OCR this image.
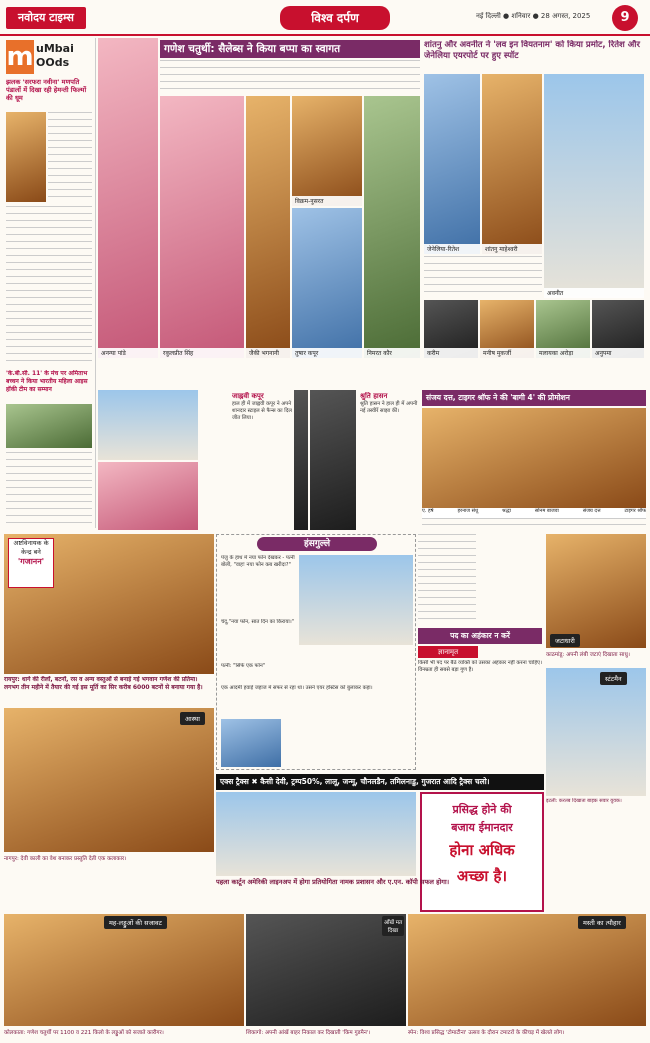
नवोदय टाइम्स	विश्व दर्पण	नई दिल्ली ● शनिवार ● 28 अगस्त, 2025	9
m uMbai OOds
झलक 'सरफरा नवीना' मणपति पंडालों में दिखा रही हेमन्ती फिल्मों की धूम
'के.बी.सी. 11' के मंच पर अमिताभ बच्चन ने किया भारतीय महिला आइस हॉकी टीम का सम्मान
गणेश चतुर्थी: सैलेब्स ने किया बप्पा का स्वागत
रकुलप्रीत सिंह	जैकी भगनानी
विक्रम-नुसरत
तुषार कपूर	निमरत कौर
अनन्या पांडे
शांतनु और अवनीत ने 'लव इन वियतनाम' को किया प्रमोट, रितेश और जेनेलिया एयरपोर्ट पर हुए स्पॉट
जेनेलिया-रितेश	शांतनु माहेश्वरी
अवनीत
करीम	मनीष मुकर्जी	मलायका अरोड़ा	अनुपमा
जाह्नवी कपूर
हाल ही में जाह्नवी कपूर ने अपने शानदार स्टाइल से फैन्स का दिल जीत लिया।
श्रुति हासन
श्रुति हासन ने हाल ही में अपनी नई तस्वीरें साझा कीं।
संजय दत्त, टाइगर श्रॉफ ने की 'बागी 4' की प्रोमोशन
ए. हर्ष	हरनाज संधू	श्रद्धा	सोनम बाजवा	संजय दत्त	टाइगर श्रॉफ
अष्टविनायक के केन्द्र बने
'गजानन'
रायपुर: धागे की रीलों, बटनों, रस व अन्य वस्तुओं से बनाई गई भगवान गणेश की प्रतिमा। लगभग तीन महीने में तैयार की गई इस मूर्ति का सिर करीब 6000 बटनों से बनाया गया है।
आस्था
नागपुर: देवी काली का वेश बनाकर प्रस्तुति देती एक कलाकार।
हंसगुल्ले
पंजु के हाथ में नया फोन देखकर - पत्नी बोली, "वाह! नया फोन कब खरीदा?"
चंदू,"नया फोन, सात दिन का किराया।"
पत्नी: "सिर्फ एक फोन"
एक आदमी हवाई जहाज में सफर से रहा था। उसने एयर होस्टेस को बुलाकर कहा।
पद का अहंकार न करें
ज्ञानामृत
किसी भी पद पर बैठे व्यक्ति को उसका अहंकार नहीं करना चाहिए। विनम्रता ही सबसे बड़ा गुण है।
जटाधारी
काठमांडू: अपनी लंबी जटाएं दिखाता साधु।
स्टंटमैन
इटली: करतब दिखाता बाइक सवार युवक।
एक्स ट्रैक्स ✖ कैसी देवी, ट्रम्प50%, लालू, जन्मू, चौनलडैन, तमिलनाडु, गुजरात आदि ट्रैक्स चलो।
प्रसिद्ध होने की
बजाय ईमानदार
होना अधिक
अच्छा है।
पहला कार्टून अमेरिकी लाइनअप में होगा प्रतियोगिता नामक प्रशासन और ए.एन. कॉपी सफल होगा।
मह-लड्डुओं की सजावट
कोलकाता: गणेश चतुर्थी पर 1100 व 221 किलो के लड्डुओं को सजाते कारीगर।
आँखें मत दिखा
शिकागो: अपनी आंखें बाहर निकाल कर दिखाती 'किम गुडमैन'।
मस्ती का त्यौहार
स्पेन: विश्व प्रसिद्ध 'टोमाटीना' उत्सव के दौरान टमाटरों के कीचड़ में खेलते लोग।
